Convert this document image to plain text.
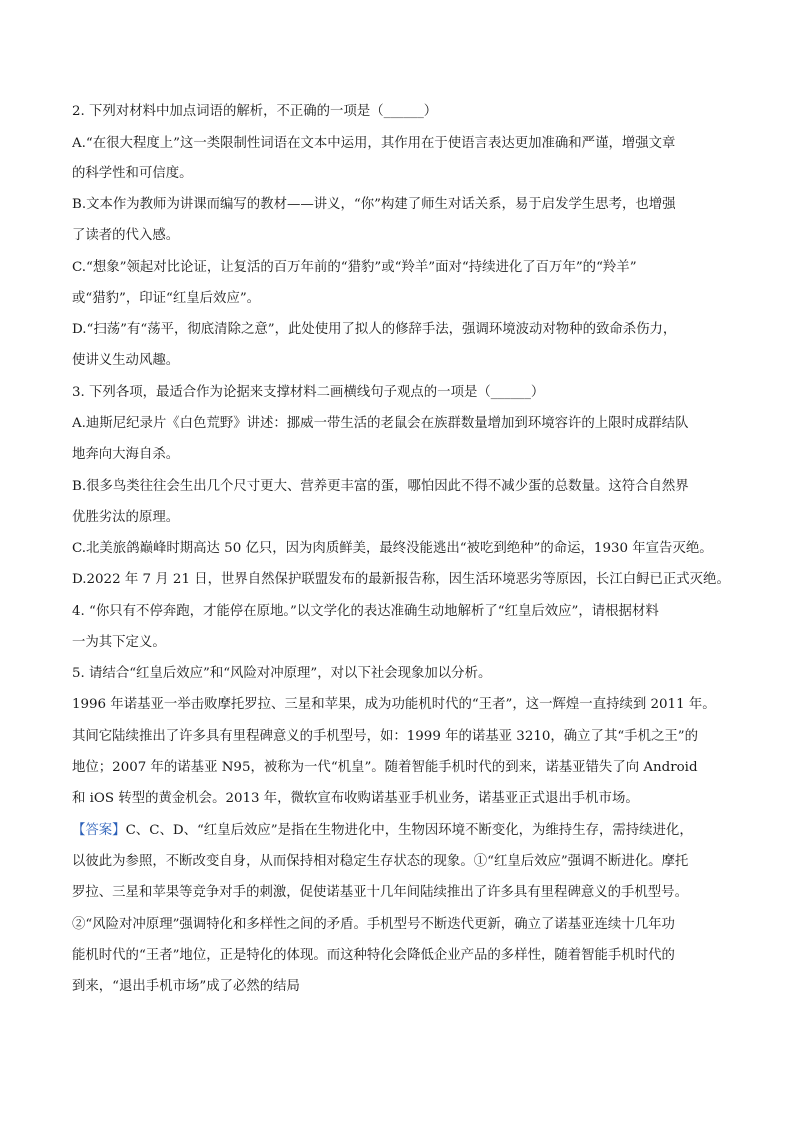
2. 下列对材料中加点词语的解析，不正确的一项是（______）
A.“在很大程度上”这一类限制性词语在文本中运用，其作用在于使语言表达更加准确和严谨，增强文章
的科学性和可信度。
B.文本作为教师为讲课而编写的教材——讲义，“你”构建了师生对话关系，易于启发学生思考，也增强
了读者的代入感。
C.“想象”领起对比论证，让复活的百万年前的“猎豹”或“羚羊”面对“持续进化了百万年”的“羚羊”
或“猎豹”，印证“红皇后效应”。
D.“扫荡”有“荡平，彻底清除之意”，此处使用了拟人的修辞手法，强调环境波动对物种的致命杀伤力，
使讲义生动风趣。
3. 下列各项，最适合作为论据来支撑材料二画横线句子观点的一项是（______）
A.迪斯尼纪录片《白色荒野》讲述：挪威一带生活的老鼠会在族群数量增加到环境容许的上限时成群结队
地奔向大海自杀。
B.很多鸟类往往会生出几个尺寸更大、营养更丰富的蛋，哪怕因此不得不减少蛋的总数量。这符合自然界
优胜劣汰的原理。
C.北美旅鸽巅峰时期高达 50 亿只，因为肉质鲜美，最终没能逃出“被吃到绝种”的命运，1930 年宣告灭绝。
D.2022 年 7 月 21 日，世界自然保护联盟发布的最新报告称，因生活环境恶劣等原因，长江白鲟已正式灭绝。
4. “你只有不停奔跑，才能停在原地。”以文学化的表达准确生动地解析了“红皇后效应”，请根据材料
一为其下定义。
5. 请结合“红皇后效应”和“风险对冲原理”，对以下社会现象加以分析。
1996 年诺基亚一举击败摩托罗拉、三星和苹果，成为功能机时代的“王者”，这一辉煌一直持续到 2011 年。
其间它陆续推出了许多具有里程碑意义的手机型号，如：1999 年的诺基亚 3210，确立了其“手机之王”的
地位；2007 年的诺基亚 N95，被称为一代“机皇”。随着智能手机时代的到来，诺基亚错失了向 Android
和 iOS 转型的黄金机会。2013 年，微软宣布收购诺基亚手机业务，诺基亚正式退出手机市场。
【答案】C、C、D、“红皇后效应”是指在生物进化中，生物因环境不断变化，为维持生存，需持续进化，
以彼此为参照，不断改变自身，从而保持相对稳定生存状态的现象。①“红皇后效应”强调不断进化。摩托
罗拉、三星和苹果等竞争对手的刺激，促使诺基亚十几年间陆续推出了许多具有里程碑意义的手机型号。
②“风险对冲原理”强调特化和多样性之间的矛盾。手机型号不断迭代更新，确立了诺基亚连续十几年功
能机时代的“王者”地位，正是特化的体现。而这种特化会降低企业产品的多样性，随着智能手机时代的
到来，“退出手机市场”成了必然的结局
